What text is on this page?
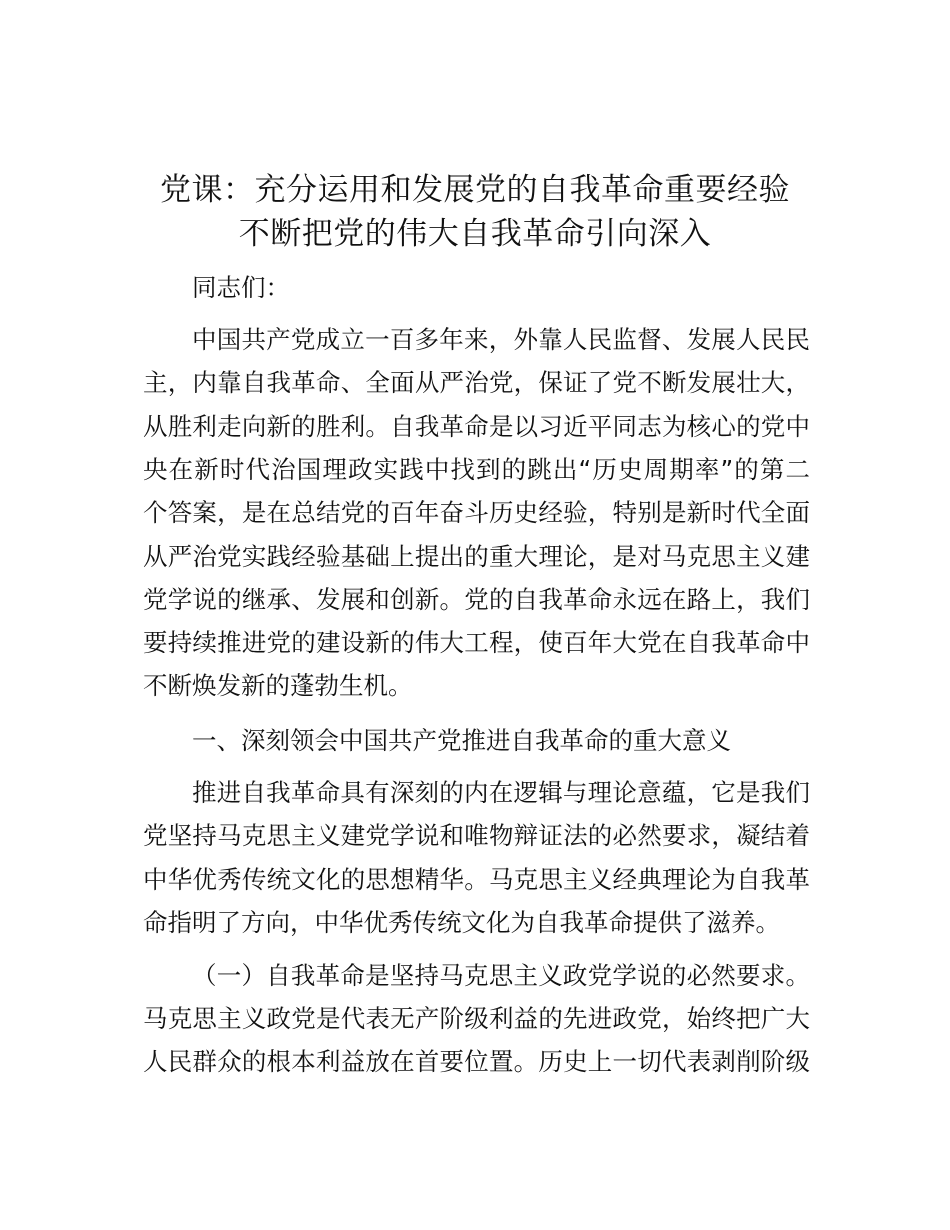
党课：充分运用和发展党的自我革命重要经验
不断把党的伟大自我革命引向深入

同志们：

中国共产党成立一百多年来，外靠人民监督、发展人民民

主，内靠自我革命、全面从严治党，保证了党不断发展壮大，

从胜利走向新的胜利。自我革命是以习近平同志为核心的党中

央在新时代治国理政实践中找到的跳出“历史周期率”的第二

个答案，是在总结党的百年奋斗历史经验，特别是新时代全面

从严治党实践经验基础上提出的重大理论，是对马克思主义建

党学说的继承、发展和创新。党的自我革命永远在路上，我们

要持续推进党的建设新的伟大工程，使百年大党在自我革命中

不断焕发新的蓬勃生机。

一、深刻领会中国共产党推进自我革命的重大意义

推进自我革命具有深刻的内在逻辑与理论意蕴，它是我们

党坚持马克思主义建党学说和唯物辩证法的必然要求，凝结着

中华优秀传统文化的思想精华。马克思主义经典理论为自我革

命指明了方向，中华优秀传统文化为自我革命提供了滋养。

（一）自我革命是坚持马克思主义政党学说的必然要求。

马克思主义政党是代表无产阶级利益的先进政党，始终把广大

人民群众的根本利益放在首要位置。历史上一切代表剥削阶级
